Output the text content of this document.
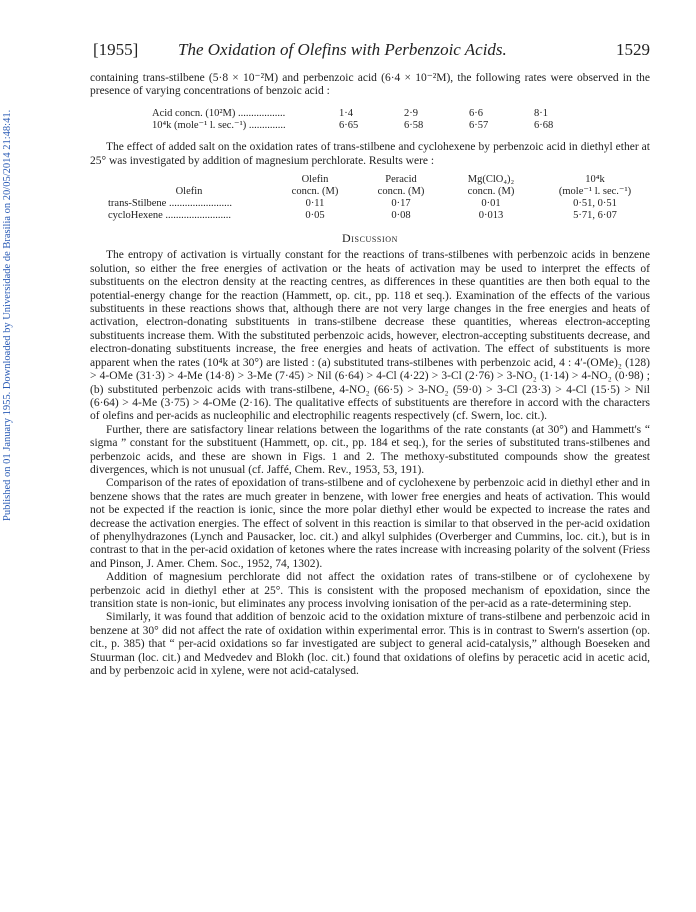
Published on 01 January 1955. Downloaded by Universidade de Brasilia on 20/05/2014 21:48:41.
[1955] The Oxidation of Olefins with Perbenzoic Acids.	1529

containing trans-stilbene (5·8 × 10⁻²M) and perbenzoic acid (6·4 × 10⁻²M), the following rates were observed in the presence of varying concentrations of benzoic acid :

Acid concn. (10²M) ..................	1·4	2·9	6·6	8·1
10⁴k (mole⁻¹ l. sec.⁻¹) ..............	6·65	6·58	6·57	6·68

The effect of added salt on the oxidation rates of trans-stilbene and cyclohexene by perbenzoic acid in diethyl ether at 25° was investigated by addition of magnesium perchlorate. Results were :

	Olefin	Peracid	Mg(ClO₄)₂	10⁴k
Olefin	concn. (M)	concn. (M)	concn. (M)	(mole⁻¹ l. sec.⁻¹)
trans-Stilbene ........................	0·11	0·17	0·01	0·51, 0·51
cycloHexene .........................	0·05	0·08	0·013	5·71, 6·07
Discussion

The entropy of activation is virtually constant for the reactions of trans-stilbenes with perbenzoic acids in benzene solution, so either the free energies of activation or the heats of activation may be used to interpret the effects of substituents on the electron density at the reacting centres, as differences in these quantities are then both equal to the potential-energy change for the reaction (Hammett, op. cit., pp. 118 et seq.). Examination of the effects of the various substituents in these reactions shows that, although there are not very large changes in the free energies and heats of activation, electron-donating substituents in trans-stilbene decrease these quantities, whereas electron-accepting substituents increase them. With the substituted perbenzoic acids, however, electron-accepting substituents decrease, and electron-donating substituents increase, the free energies and heats of activation. The effect of substituents is more apparent when the rates (10⁴k at 30°) are listed : (a) substituted trans-stilbenes with perbenzoic acid, 4 : 4′-(OMe)₂ (128) > 4-OMe (31·3) > 4-Me (14·8) > 3-Me (7·45) > Nil (6·64) > 4-Cl (4·22) > 3-Cl (2·76) > 3-NO₂ (1·14) > 4-NO₂ (0·98) ; (b) substituted perbenzoic acids with trans-stilbene, 4-NO₂ (66·5) > 3-NO₂ (59·0) > 3-Cl (23·3) > 4-Cl (15·5) > Nil (6·64) > 4-Me (3·75) > 4-OMe (2·16). The qualitative effects of substituents are therefore in accord with the characters of olefins and per-acids as nucleophilic and electrophilic reagents respectively (cf. Swern, loc. cit.).

Further, there are satisfactory linear relations between the logarithms of the rate constants (at 30°) and Hammett's “ sigma ” constant for the substituent (Hammett, op. cit., pp. 184 et seq.), for the series of substituted trans-stilbenes and perbenzoic acids, and these are shown in Figs. 1 and 2. The methoxy-substituted compounds show the greatest divergences, which is not unusual (cf. Jaffé, Chem. Rev., 1953, 53, 191).

Comparison of the rates of epoxidation of trans-stilbene and of cyclohexene by perbenzoic acid in diethyl ether and in benzene shows that the rates are much greater in benzene, with lower free energies and heats of activation. This would not be expected if the reaction is ionic, since the more polar diethyl ether would be expected to increase the rates and decrease the activation energies. The effect of solvent in this reaction is similar to that observed in the per-acid oxidation of phenylhydrazones (Lynch and Pausacker, loc. cit.) and alkyl sulphides (Overberger and Cummins, loc. cit.), but is in contrast to that in the per-acid oxidation of ketones where the rates increase with increasing polarity of the solvent (Friess and Pinson, J. Amer. Chem. Soc., 1952, 74, 1302).

Addition of magnesium perchlorate did not affect the oxidation rates of trans-stilbene or of cyclohexene by perbenzoic acid in diethyl ether at 25°. This is consistent with the proposed mechanism of epoxidation, since the transition state is non-ionic, but eliminates any process involving ionisation of the per-acid as a rate-determining step.

Similarly, it was found that addition of benzoic acid to the oxidation mixture of trans-stilbene and perbenzoic acid in benzene at 30° did not affect the rate of oxidation within experimental error. This is in contrast to Swern's assertion (op. cit., p. 385) that “ per-acid oxidations so far investigated are subject to general acid-catalysis,” although Boeseken and Stuurman (loc. cit.) and Medvedev and Blokh (loc. cit.) found that oxidations of olefins by peracetic acid in acetic acid, and by perbenzoic acid in xylene, were not acid-catalysed.
